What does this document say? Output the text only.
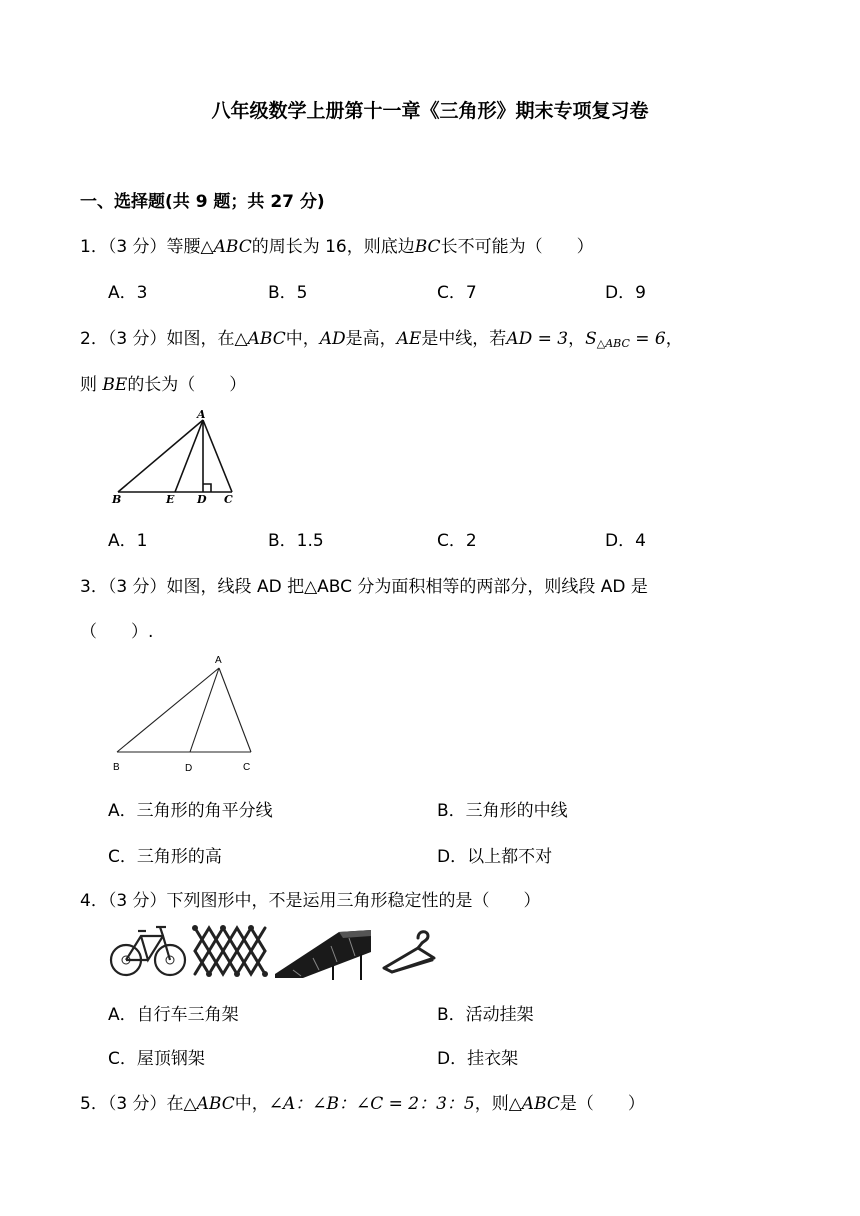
八年级数学上册第十一章《三角形》期末专项复习卷
一、选择题(共 9 题；共 27 分)
1．（3 分）等腰△ABC的周长为 16，则底边BC长不可能为（　　）
A．3	B．5	C．7	D．9
2．（3 分）如图，在△ABC中，AD是高，AE是中线，若AD = 3，$S_{\triangle ABC} = 6$，
则 BE的长为（　　）
A
B	E D C
A．1	B．1.5	C．2	D．4
3．（3 分）如图，线段 AD 把△ABC 分为面积相等的两部分，则线段 AD 是
（　　）.
A
B	D	C
A．三角形的角平分线	B．三角形的中线
C．三角形的高	D．以上都不对
4．（3 分）下列图形中，不是运用三角形稳定性的是（　　）
A．自行车三角架	B．活动挂架
C．屋顶钢架	D．挂衣架
5．（3 分）在△ABC中，∠A：∠B：∠C = 2：3：5，则△ABC是（　　）
